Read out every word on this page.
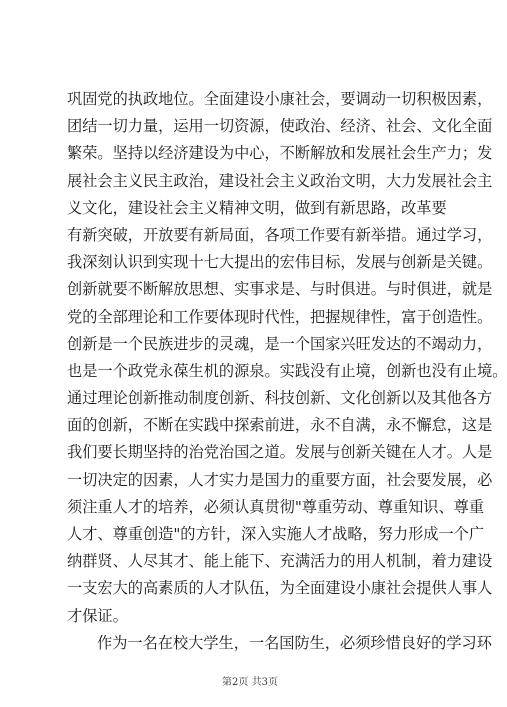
巩固党的执政地位。全面建设小康社会，要调动一切积极因素，
团结一切力量，运用一切资源，使政治、经济、社会、文化全面
繁荣。坚持以经济建设为中心，不断解放和发展社会生产力；发
展社会主义民主政治，建设社会主义政治文明，大力发展社会主
义文化，建设社会主义精神文明，做到有新思路，改革要
有新突破，开放要有新局面，各项工作要有新举措。通过学习，
我深刻认识到实现十七大提出的宏伟目标，发展与创新是关键。
创新就要不断解放思想、实事求是、与时俱进。与时俱进，就是
党的全部理论和工作要体现时代性，把握规律性，富于创造性。
创新是一个民族进步的灵魂，是一个国家兴旺发达的不竭动力，
也是一个政党永葆生机的源泉。实践没有止境，创新也没有止境。
通过理论创新推动制度创新、科技创新、文化创新以及其他各方
面的创新，不断在实践中探索前进，永不自满，永不懈怠，这是
我们要长期坚持的治党治国之道。发展与创新关键在人才。人是
一切决定的因素，人才实力是国力的重要方面，社会要发展，必
须注重人才的培养，必须认真贯彻"尊重劳动、尊重知识、尊重
人才、尊重创造"的方针，深入实施人才战略，努力形成一个广
纳群贤、人尽其才、能上能下、充满活力的用人机制，着力建设
一支宏大的高素质的人才队伍，为全面建设小康社会提供人事人
才保证。
作为一名在校大学生，一名国防生，必须珍惜良好的学习环
第2页 共3页
